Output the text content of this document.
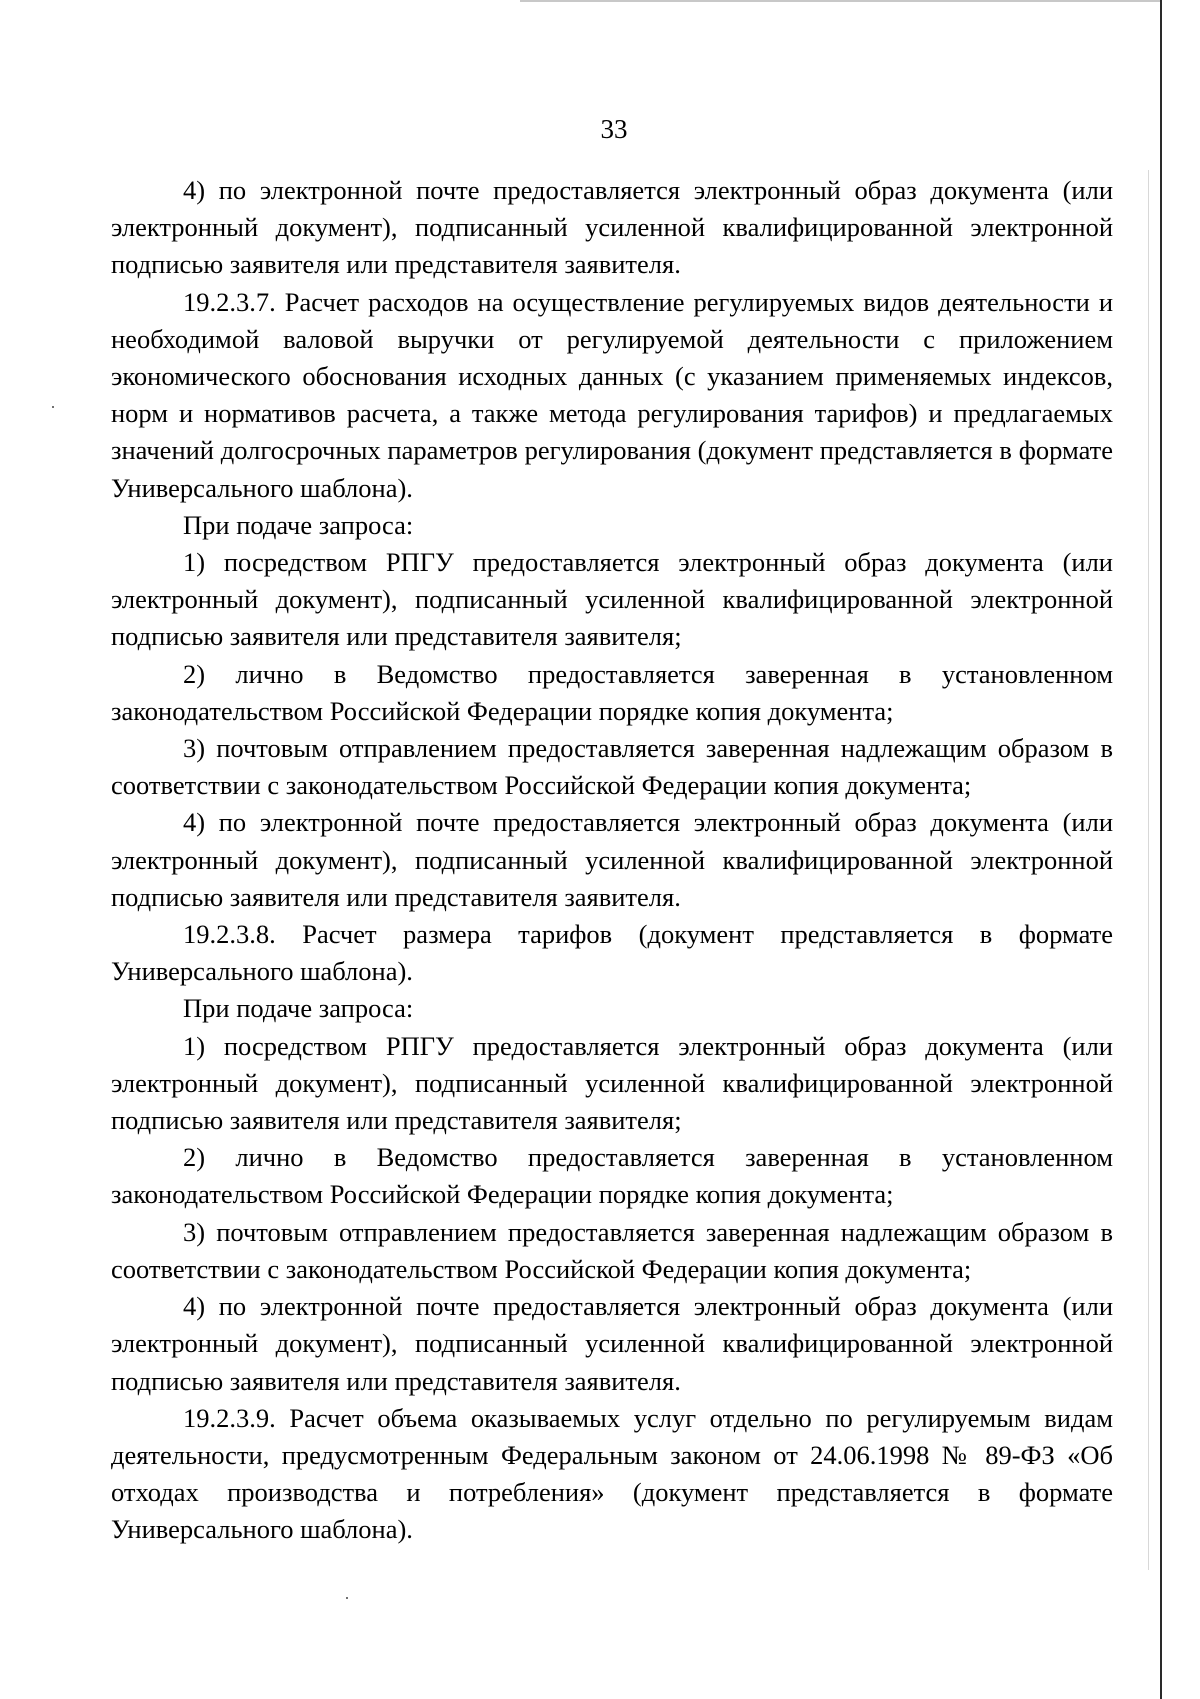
33

4) по электронной почте предоставляется электронный образ документа (или электронный документ), подписанный усиленной квалифицированной электронной подписью заявителя или представителя заявителя.

19.2.3.7. Расчет расходов на осуществление регулируемых видов деятельности и необходимой валовой выручки от регулируемой деятельности с приложением экономического обоснования исходных данных (с указанием применяемых индексов, норм и нормативов расчета, а также метода регулирования тарифов) и предлагаемых значений долгосрочных параметров регулирования (документ представляется в формате Универсального шаблона).

При подаче запроса:

1) посредством РПГУ предоставляется электронный образ документа (или электронный документ), подписанный усиленной квалифицированной электронной подписью заявителя или представителя заявителя;

2) лично в Ведомство предоставляется заверенная в установленном законодательством Российской Федерации порядке копия документа;

3) почтовым отправлением предоставляется заверенная надлежащим образом в соответствии с законодательством Российской Федерации копия документа;

4) по электронной почте предоставляется электронный образ документа (или электронный документ), подписанный усиленной квалифицированной электронной подписью заявителя или представителя заявителя.

19.2.3.8. Расчет размера тарифов (документ представляется в формате Универсального шаблона).

При подаче запроса:

1) посредством РПГУ предоставляется электронный образ документа (или электронный документ), подписанный усиленной квалифицированной электронной подписью заявителя или представителя заявителя;

2) лично в Ведомство предоставляется заверенная в установленном законодательством Российской Федерации порядке копия документа;

3) почтовым отправлением предоставляется заверенная надлежащим образом в соответствии с законодательством Российской Федерации копия документа;

4) по электронной почте предоставляется электронный образ документа (или электронный документ), подписанный усиленной квалифицированной электронной подписью заявителя или представителя заявителя.

19.2.3.9. Расчет объема оказываемых услуг отдельно по регулируемым видам деятельности, предусмотренным Федеральным законом от 24.06.1998 № 89-ФЗ «Об отходах производства и потребления» (документ представляется в формате Универсального шаблона).
